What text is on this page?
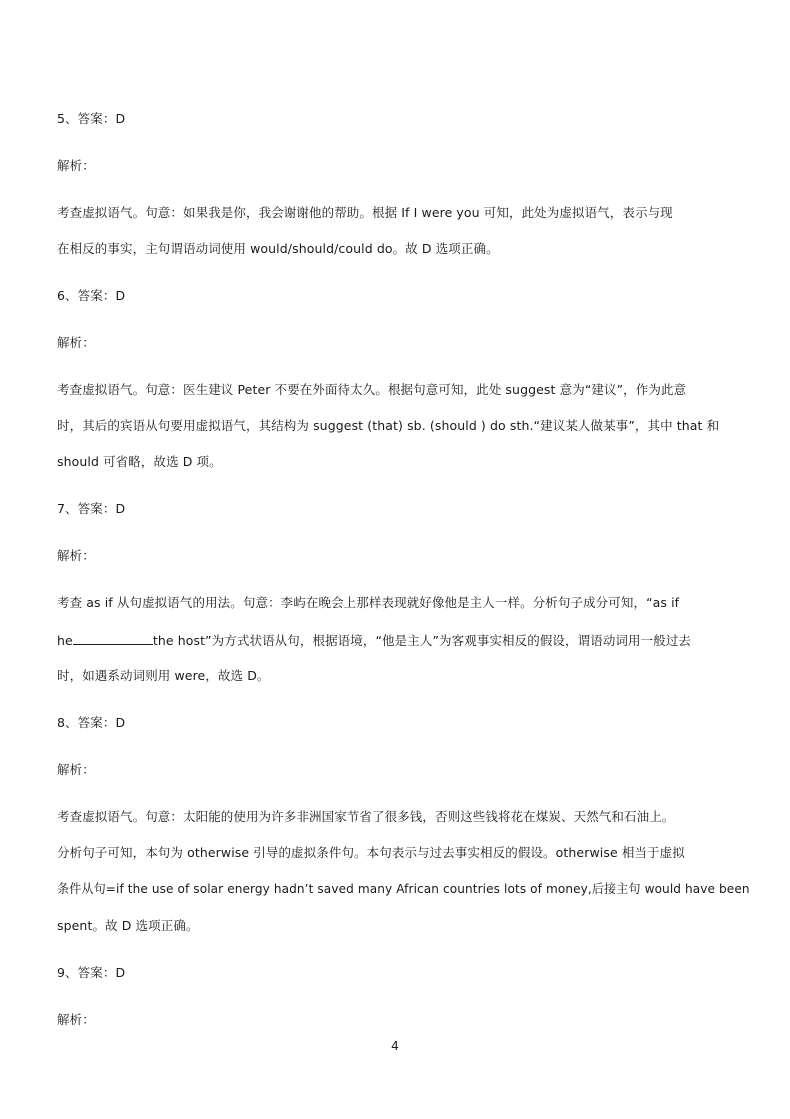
5、答案：D
解析：
考查虚拟语气。句意：如果我是你，我会谢谢他的帮助。根据 If I were you 可知，此处为虚拟语气，表示与现
在相反的事实，主句谓语动词使用 would/should/could do。故 D 选项正确。
6、答案：D
解析：
考查虚拟语气。句意：医生建议 Peter 不要在外面待太久。根据句意可知，此处 suggest 意为“建议”，作为此意
时，其后的宾语从句要用虚拟语气，其结构为 suggest (that) sb. (should ) do sth.“建议某人做某事”，其中 that 和
should 可省略，故选 D 项。
7、答案：D
解析：
考查 as if 从句虚拟语气的用法。句意：李屿在晚会上那样表现就好像他是主人一样。分析句子成分可知，“as if
he	the host”为方式状语从句，根据语境，“他是主人”为客观事实相反的假设，谓语动词用一般过去
时，如遇系动词则用 were，故选 D。
8、答案：D
解析：
考查虚拟语气。句意：太阳能的使用为许多非洲国家节省了很多钱，否则这些钱将花在煤炭、天然气和石油上。
分析句子可知，本句为 otherwise 引导的虚拟条件句。本句表示与过去事实相反的假设。otherwise 相当于虚拟
条件从句=if the use of solar energy hadn’t saved many African countries lots of money,后接主句 would have been
spent。故 D 选项正确。
9、答案：D
解析：
4
